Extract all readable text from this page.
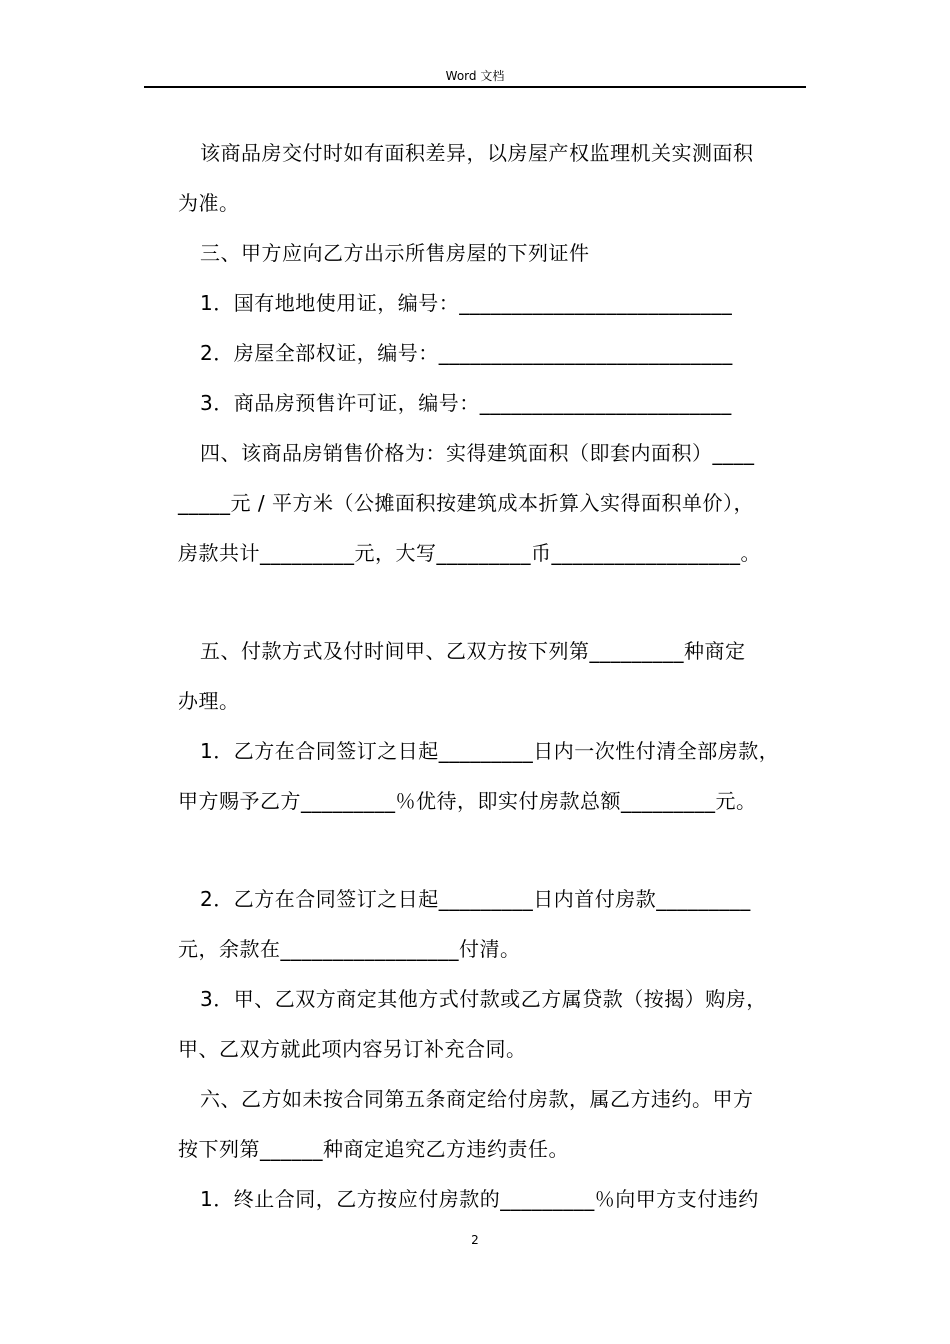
Word 文档
该商品房交付时如有面积差异，以房屋产权监理机关实测面积
为准。
三、甲方应向乙方出示所售房屋的下列证件
1．国有地地使用证，编号：__________________________
2．房屋全部权证，编号：____________________________
3．商品房预售许可证，编号：________________________
四、该商品房销售价格为：实得建筑面积（即套内面积）____
_____元 / 平方米（公摊面积按建筑成本折算入实得面积单价），
房款共计_________元，大写_________币__________________。
五、付款方式及付时间甲、乙双方按下列第_________种商定
办理。
1．乙方在合同签订之日起_________日内一次性付清全部房款，
甲方赐予乙方_________％优待，即实付房款总额_________元。
2．乙方在合同签订之日起_________日内首付房款_________
元，余款在_________________付清。
3．甲、乙双方商定其他方式付款或乙方属贷款（按揭）购房，
甲、乙双方就此项内容另订补充合同。
六、乙方如未按合同第五条商定给付房款，属乙方违约。甲方
按下列第______种商定追究乙方违约责任。
1．终止合同，乙方按应付房款的_________％向甲方支付违约
2
